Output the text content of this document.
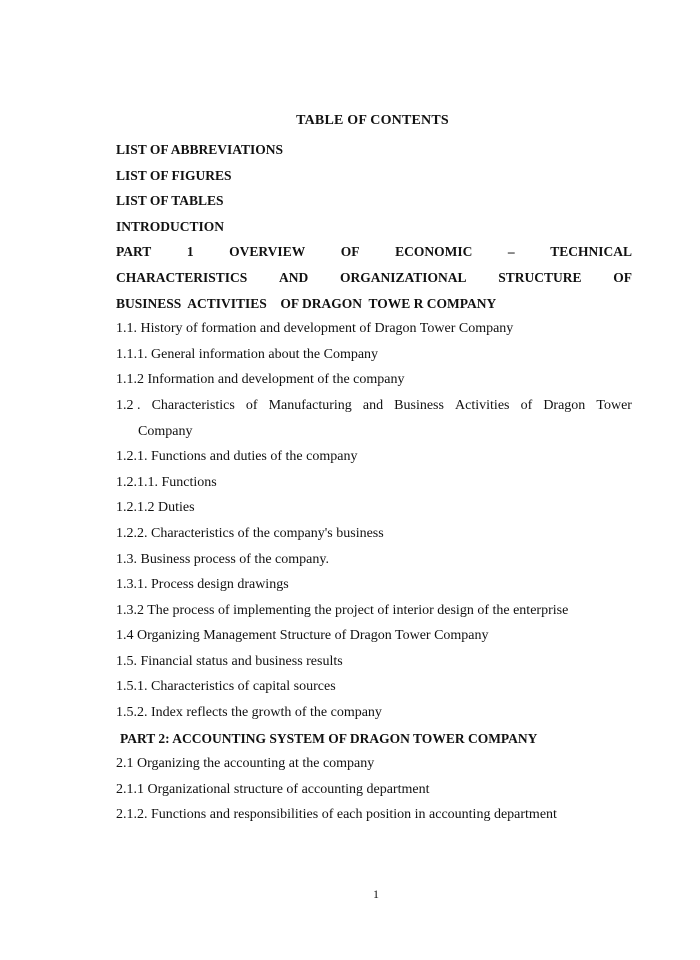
TABLE OF CONTENTS
LIST OF ABBREVIATIONS
LIST OF FIGURES
LIST OF TABLES
INTRODUCTION
PART	1	OVERVIEW	OF	ECONOMIC	–	TECHNICAL
CHARACTERISTICS AND ORGANIZATIONAL STRUCTURE OF
BUSINESS  ACTIVITIES    OF DRAGON  TOWE R COMPANY
1.1. History of formation and development of Dragon Tower Company
1.1.1. General information about the Company
1.1.2 Information and development of the company
1.2 . Characteristics of Manufacturing and Business Activities of Dragon Tower
Company
1.2.1. Functions and duties of the company
1.2.1.1. Functions
1.2.1.2 Duties
1.2.2. Characteristics of the company's business
1.3. Business process of the company.
1.3.1. Process design drawings
1.3.2 The process of implementing the project of interior design of the enterprise
1.4 Organizing Management Structure of Dragon Tower Company
1.5. Financial status and business results
1.5.1. Characteristics of capital sources
1.5.2. Index reflects the growth of the company
PART 2: ACCOUNTING SYSTEM OF DRAGON TOWER COMPANY
2.1 Organizing the accounting at the company
2.1.1 Organizational structure of accounting department
2.1.2. Functions and responsibilities of each position in accounting department
1
